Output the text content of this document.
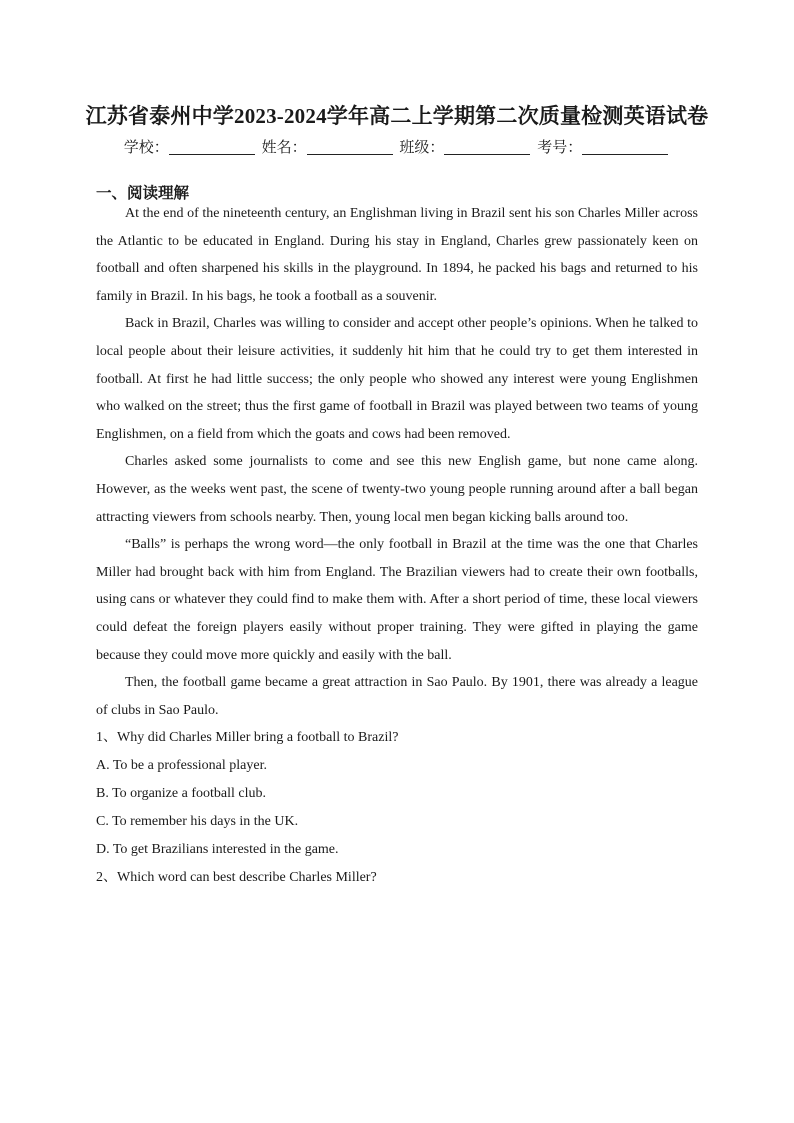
江苏省泰州中学2023-2024学年高二上学期第二次质量检测英语试卷
学校：	姓名：	班级：	考号：
一、阅读理解

At the end of the nineteenth century, an Englishman living in Brazil sent his son Charles Miller across the Atlantic to be educated in England. During his stay in England, Charles grew passionately keen on football and often sharpened his skills in the playground. In 1894, he packed his bags and returned to his family in Brazil. In his bags, he took a football as a souvenir.

Back in Brazil, Charles was willing to consider and accept other people’s opinions. When he talked to local people about their leisure activities, it suddenly hit him that he could try to get them interested in football. At first he had little success; the only people who showed any interest were young Englishmen who walked on the street; thus the first game of football in Brazil was played between two teams of young Englishmen, on a field from which the goats and cows had been removed.

Charles asked some journalists to come and see this new English game, but none came along. However, as the weeks went past, the scene of twenty-two young people running around after a ball began attracting viewers from schools nearby. Then, young local men began kicking balls around too.

“Balls” is perhaps the wrong word—the only football in Brazil at the time was the one that Charles Miller had brought back with him from England. The Brazilian viewers had to create their own footballs, using cans or whatever they could find to make them with. After a short period of time, these local viewers could defeat the foreign players easily without proper training. They were gifted in playing the game because they could move more quickly and easily with the ball.

Then, the football game became a great attraction in Sao Paulo. By 1901, there was already a league of clubs in Sao Paulo.

1、Why did Charles Miller bring a football to Brazil?

A. To be a professional player.

B. To organize a football club.

C. To remember his days in the UK.

D. To get Brazilians interested in the game.

2、Which word can best describe Charles Miller?
